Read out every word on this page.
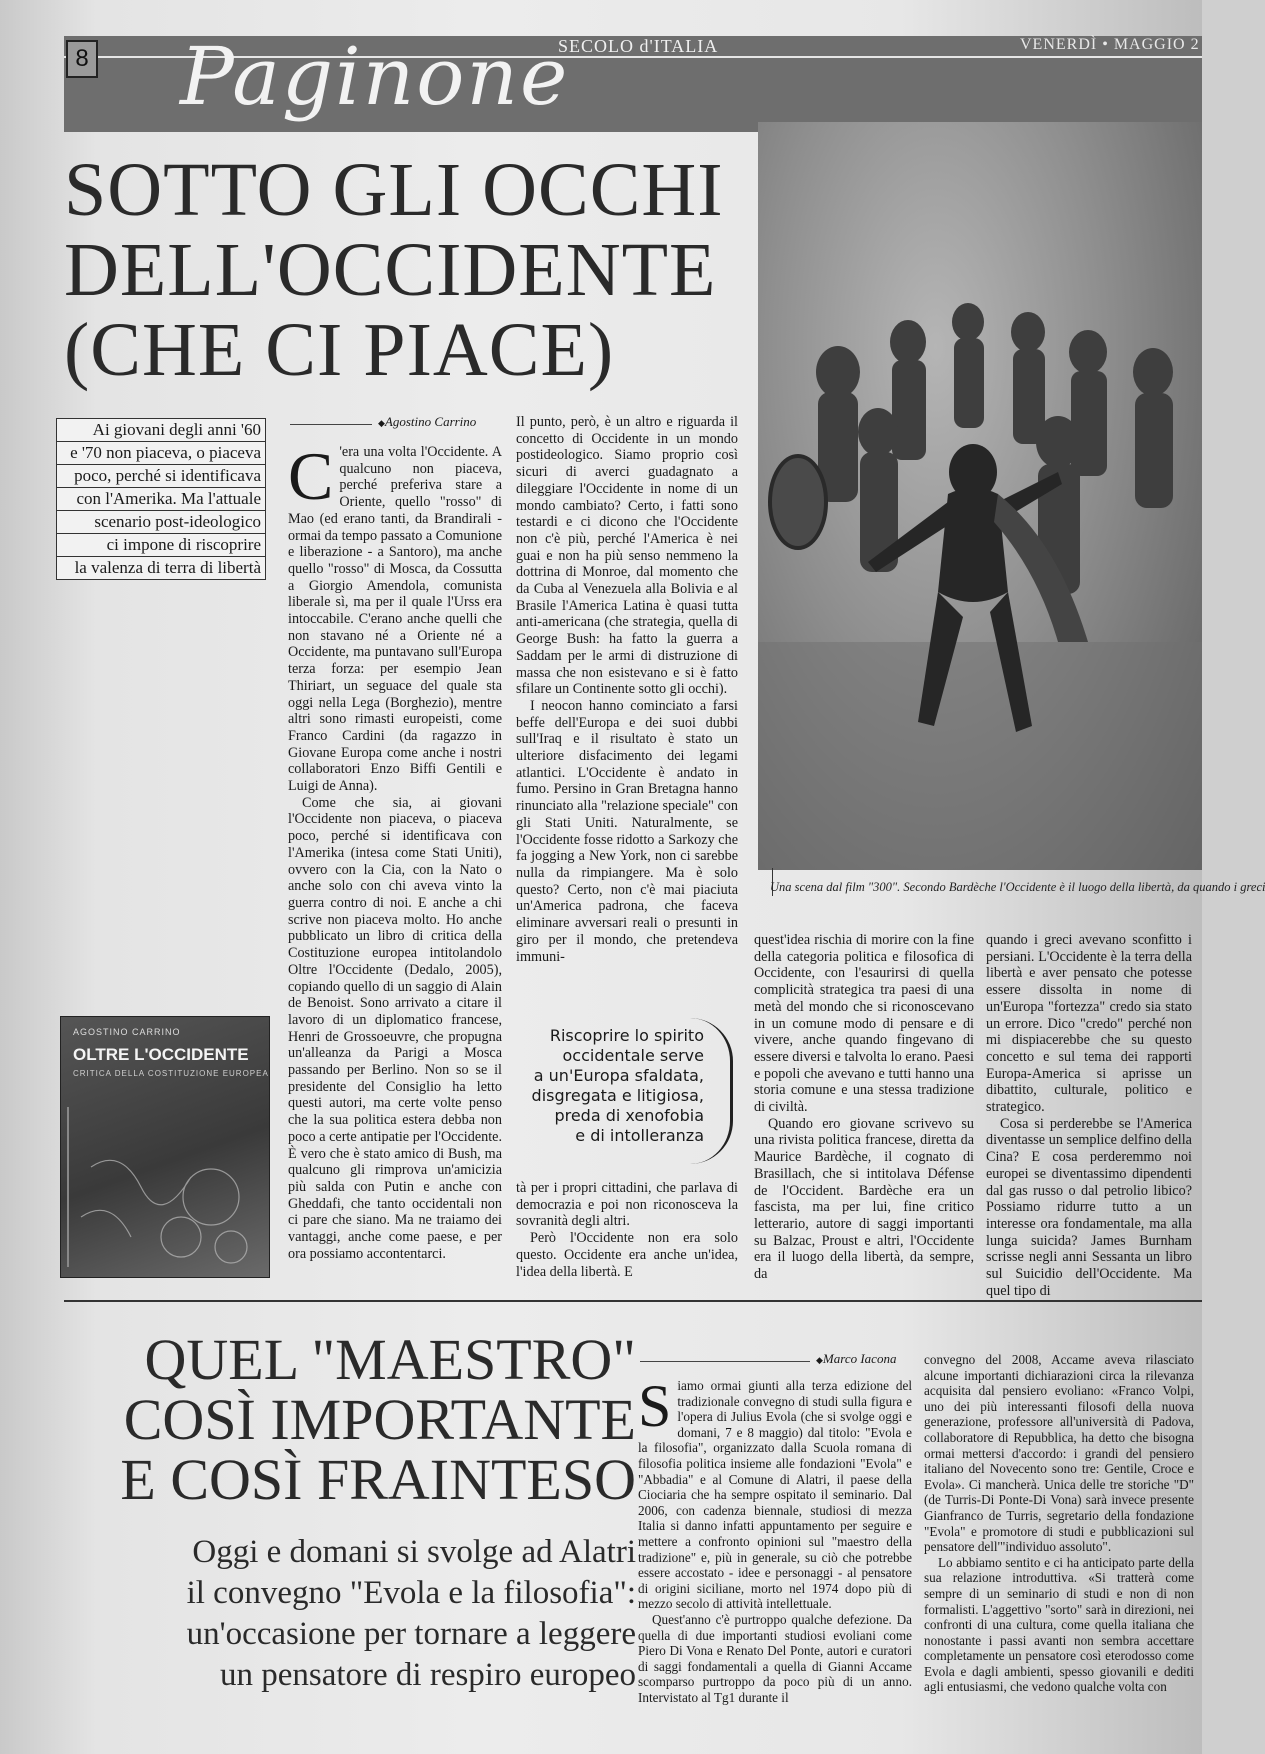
8 Paginone
SECOLO d'ITALIA	VENERDÌ • MAGGIO 2
SOTTO GLI OCCHI
DELL'OCCIDENTE
(CHE CI PIACE)
Una scena dal film "300". Secondo Bardèche l'Occidente è il luogo della libertà, da quando i greci
Ai giovani degli anni '60
e '70 non piaceva, o piaceva
poco, perché si identificava
con l'Amerika. Ma l'attuale
scenario post-ideologico
ci impone di riscoprire
la valenza di terra di libertà
AGOSTINO CARRINO
OLTRE L'OCCIDENTE
CRITICA DELLA COSTITUZIONE EUROPEA
◆ Agostino Carrino
C 'era una volta l'Occidente. A qualcuno non piaceva, perché preferiva stare a Oriente, quello "rosso" di Mao (ed erano tanti, da Brandirali - ormai da tempo passato a Comunione e liberazione - a Santoro), ma anche quello "rosso" di Mosca, da Cossutta a Giorgio Amendola, comunista liberale sì, ma per il quale l'Urss era intoccabile. C'erano anche quelli che non stavano né a Oriente né a Occidente, ma puntavano sull'Europa terza forza: per esempio Jean Thiriart, un seguace del quale sta oggi nella Lega (Borghezio), mentre altri sono rimasti europeisti, come Franco Cardini (da ragazzo in Giovane Europa come anche i nostri collaboratori Enzo Biffi Gentili e Luigi de Anna).

Come che sia, ai giovani l'Occidente non piaceva, o piaceva poco, perché si identificava con l'Amerika (intesa come Stati Uniti), ovvero con la Cia, con la Nato o anche solo con chi aveva vinto la guerra contro di noi. E anche a chi scrive non piaceva molto. Ho anche pubblicato un libro di critica della Costituzione europea intitolandolo Oltre l'Occidente (Dedalo, 2005), copiando quello di un saggio di Alain de Benoist. Sono arrivato a citare il lavoro di un diplomatico francese, Henri de Grossoeuvre, che propugna un'alleanza da Parigi a Mosca passando per Berlino. Non so se il presidente del Consiglio ha letto questi autori, ma certe volte penso che la sua politica estera debba non poco a certe antipatie per l'Occidente. È vero che è stato amico di Bush, ma qualcuno gli rimprova un'amicizia più salda con Putin e anche con Gheddafi, che tanto occidentali non ci pare che siano. Ma ne traiamo dei vantaggi, anche come paese, e per ora possiamo accontentarci.

Il punto, però, è un altro e riguarda il concetto di Occidente in un mondo postideologico. Siamo proprio così sicuri di averci guadagnato a dileggiare l'Occidente in nome di un mondo cambiato? Certo, i fatti sono testardi e ci dicono che l'Occidente non c'è più, perché l'America è nei guai e non ha più senso nemmeno la dottrina di Monroe, dal momento che da Cuba al Venezuela alla Bolivia e al Brasile l'America Latina è quasi tutta anti-americana (che strategia, quella di George Bush: ha fatto la guerra a Saddam per le armi di distruzione di massa che non esistevano e si è fatto sfilare un Continente sotto gli occhi).

I neocon hanno cominciato a farsi beffe dell'Europa e dei suoi dubbi sull'Iraq e il risultato è stato un ulteriore disfacimento dei legami atlantici. L'Occidente è andato in fumo. Persino in Gran Bretagna hanno rinunciato alla "relazione speciale" con gli Stati Uniti. Naturalmente, se l'Occidente fosse ridotto a Sarkozy che fa jogging a New York, non ci sarebbe nulla da rimpiangere. Ma è solo questo? Certo, non c'è mai piaciuta un'America padrona, che faceva eliminare avversari reali o presunti in giro per il mondo, che pretendeva immuni-

Riscoprire lo spirito
occidentale serve
a un'Europa sfaldata,
disgregata e litigiosa,
preda di xenofobia
e di intolleranza

tà per i propri cittadini, che parlava di democrazia e poi non riconosceva la sovranità degli altri.

Però l'Occidente non era solo questo. Occidente era anche un'idea, l'idea della libertà. E

quest'idea rischia di morire con la fine della categoria politica e filosofica di Occidente, con l'esaurirsi di quella complicità strategica tra paesi di una metà del mondo che si riconoscevano in un comune modo di pensare e di vivere, anche quando fingevano di essere diversi e talvolta lo erano. Paesi e popoli che avevano e tutti hanno una storia comune e una stessa tradizione di civiltà.

Quando ero giovane scrivevo su una rivista politica francese, diretta da Maurice Bardèche, il cognato di Brasillach, che si intitolava Défense de l'Occident. Bardèche era un fascista, ma per lui, fine critico letterario, autore di saggi importanti su Balzac, Proust e altri, l'Occidente era il luogo della libertà, da sempre, da

quando i greci avevano sconfitto i persiani. L'Occidente è la terra della libertà e aver pensato che potesse essere dissolta in nome di un'Europa "fortezza" credo sia stato un errore. Dico "credo" perché non mi dispiacerebbe che su questo concetto e sul tema dei rapporti Europa-America si aprisse un dibattito, culturale, politico e strategico.

Cosa si perderebbe se l'America diventasse un semplice delfino della Cina? E cosa perderemmo noi europei se diventassimo dipendenti dal gas russo o dal petrolio libico? Possiamo ridurre tutto a un interesse ora fondamentale, ma alla lunga suicida? James Burnham scrisse negli anni Sessanta un libro sul Suicidio dell'Occidente. Ma quel tipo di

QUEL "MAESTRO"
COSÌ IMPORTANTE
E COSÌ FRAINTESO
Oggi e domani si svolge ad Alatri
il convegno "Evola e la filosofia":
un'occasione per tornare a leggere
un pensatore di respiro europeo
◆ Marco Iacona
S iamo ormai giunti alla terza edizione del tradizionale convegno di studi sulla figura e l'opera di Julius Evola (che si svolge oggi e domani, 7 e 8 maggio) dal titolo: "Evola e la filosofia", organizzato dalla Scuola romana di filosofia politica insieme alle fondazioni "Evola" e "Abbadia" e al Comune di Alatri, il paese della Ciociaria che ha sempre ospitato il seminario. Dal 2006, con cadenza biennale, studiosi di mezza Italia si danno infatti appuntamento per seguire e mettere a confronto opinioni sul "maestro della tradizione" e, più in generale, su ciò che potrebbe essere accostato - idee e personaggi - al pensatore di origini siciliane, morto nel 1974 dopo più di mezzo secolo di attività intellettuale.

Quest'anno c'è purtroppo qualche defezione. Da quella di due importanti studiosi evoliani come Piero Di Vona e Renato Del Ponte, autori e curatori di saggi fondamentali a quella di Gianni Accame scomparso purtroppo da poco più di un anno. Intervistato al Tg1 durante il

convegno del 2008, Accame aveva rilasciato alcune importanti dichiarazioni circa la rilevanza acquisita dal pensiero evoliano: «Franco Volpi, uno dei più interessanti filosofi della nuova generazione, professore all'università di Padova, collaboratore di Repubblica, ha detto che bisogna ormai mettersi d'accordo: i grandi del pensiero italiano del Novecento sono tre: Gentile, Croce e Evola». Ci mancherà. Unica delle tre storiche "D" (de Turris-Di Ponte-Di Vona) sarà invece presente Gianfranco de Turris, segretario della fondazione "Evola" e promotore di studi e pubblicazioni sul pensatore dell'"individuo assoluto".

Lo abbiamo sentito e ci ha anticipato parte della sua relazione introduttiva. «Si tratterà come sempre di un seminario di studi e non di non formalisti. L'aggettivo "sorto" sarà in direzioni, nei confronti di una cultura, come quella italiana che nonostante i passi avanti non sembra accettare completamente un pensatore così eterodosso come Evola e dagli ambienti, spesso giovanili e dediti agli entusiasmi, che vedono qualche volta con
